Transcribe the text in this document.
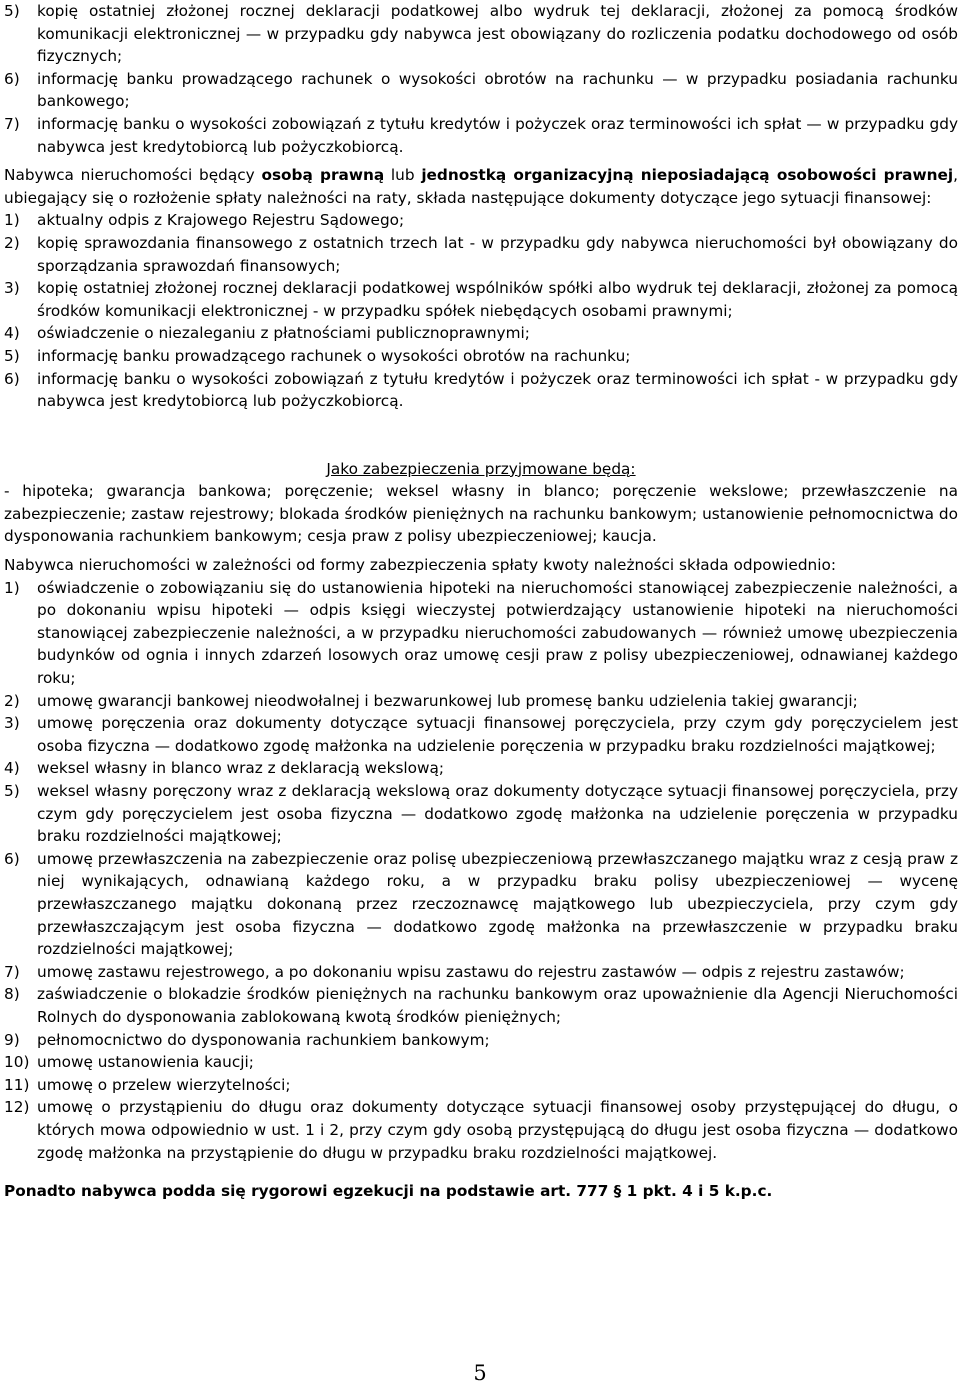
5)	kopię ostatniej złożonej rocznej deklaracji podatkowej albo wydruk tej deklaracji, złożonej za pomocą środków komunikacji elektronicznej — w przypadku gdy nabywca jest obowiązany do rozliczenia podatku dochodowego od osób fizycznych;
6)	informację banku prowadzącego rachunek o wysokości obrotów na rachunku — w przypadku posiadania rachunku bankowego;
7)	informację banku o wysokości zobowiązań z tytułu kredytów i pożyczek oraz terminowości ich spłat — w przypadku gdy nabywca jest kredytobiorcą lub pożyczkobiorcą.
Nabywca nieruchomości będący osobą prawną lub jednostką organizacyjną nieposiadającą osobowości prawnej, ubiegający się o rozłożenie spłaty należności na raty, składa następujące dokumenty dotyczące jego sytuacji finansowej:
1)	aktualny odpis z Krajowego Rejestru Sądowego;
2)	kopię sprawozdania finansowego z ostatnich trzech lat - w przypadku gdy nabywca nieruchomości był obowiązany do sporządzania sprawozdań finansowych;
3)	kopię ostatniej złożonej rocznej deklaracji podatkowej wspólników spółki albo wydruk tej deklaracji, złożonej za pomocą środków komunikacji elektronicznej - w przypadku spółek niebędących osobami prawnymi;
4)	oświadczenie o niezaleganiu z płatnościami publicznoprawnymi;
5)	informację banku prowadzącego rachunek o wysokości obrotów na rachunku;
6)	informację banku o wysokości zobowiązań z tytułu kredytów i pożyczek oraz terminowości ich spłat - w przypadku gdy nabywca jest kredytobiorcą lub pożyczkobiorcą.
Jako zabezpieczenia przyjmowane będą:
- hipoteka; gwarancja bankowa; poręczenie; weksel własny in blanco; poręczenie wekslowe; przewłaszczenie na zabezpieczenie; zastaw rejestrowy; blokada środków pieniężnych na rachunku bankowym; ustanowienie pełnomocnictwa do dysponowania rachunkiem bankowym; cesja praw z polisy ubezpieczeniowej; kaucja.
Nabywca nieruchomości w zależności od formy zabezpieczenia spłaty kwoty należności składa odpowiednio:
1)	oświadczenie o zobowiązaniu się do ustanowienia hipoteki na nieruchomości stanowiącej zabezpieczenie należności, a po dokonaniu wpisu hipoteki — odpis księgi wieczystej potwierdzający ustanowienie hipoteki na nieruchomości stanowiącej zabezpieczenie należności, a w przypadku nieruchomości zabudowanych — również umowę ubezpieczenia budynków od ognia i innych zdarzeń losowych oraz umowę cesji praw z polisy ubezpieczeniowej, odnawianej każdego roku;
2)	umowę gwarancji bankowej nieodwołalnej i bezwarunkowej lub promesę banku udzielenia takiej gwarancji;
3)	umowę poręczenia oraz dokumenty dotyczące sytuacji finansowej poręczyciela, przy czym gdy poręczycielem jest osoba fizyczna — dodatkowo zgodę małżonka na udzielenie poręczenia w przypadku braku rozdzielności majątkowej;
4)	weksel własny in blanco wraz z deklaracją wekslową;
5)	weksel własny poręczony wraz z deklaracją wekslową oraz dokumenty dotyczące sytuacji finansowej poręczyciela, przy czym gdy poręczycielem jest osoba fizyczna — dodatkowo zgodę małżonka na udzielenie poręczenia w przypadku braku rozdzielności majątkowej;
6)	umowę przewłaszczenia na zabezpieczenie oraz polisę ubezpieczeniową przewłaszczanego majątku wraz z cesją praw z niej wynikających, odnawianą każdego roku, a w przypadku braku polisy ubezpieczeniowej — wycenę przewłaszczanego majątku dokonaną przez rzeczoznawcę majątkowego lub ubezpieczyciela, przy czym gdy przewłaszczającym jest osoba fizyczna — dodatkowo zgodę małżonka na przewłaszczenie w przypadku braku rozdzielności majątkowej;
7)	umowę zastawu rejestrowego, a po dokonaniu wpisu zastawu do rejestru zastawów — odpis z rejestru zastawów;
8)	zaświadczenie o blokadzie środków pieniężnych na rachunku bankowym oraz upoważnienie dla Agencji Nieruchomości Rolnych do dysponowania zablokowaną kwotą środków pieniężnych;
9)	pełnomocnictwo do dysponowania rachunkiem bankowym;
10) umowę ustanowienia kaucji;
11) umowę o przelew wierzytelności;
12) umowę o przystąpieniu do długu oraz dokumenty dotyczące sytuacji finansowej osoby przystępującej do długu, o których mowa odpowiednio w ust. 1 i 2, przy czym gdy osobą przystępującą do długu jest osoba fizyczna — dodatkowo zgodę małżonka na przystąpienie do długu w przypadku braku rozdzielności majątkowej.
Ponadto nabywca podda się rygorowi egzekucji na podstawie art. 777 § 1 pkt. 4 i 5 k.p.c.
5
